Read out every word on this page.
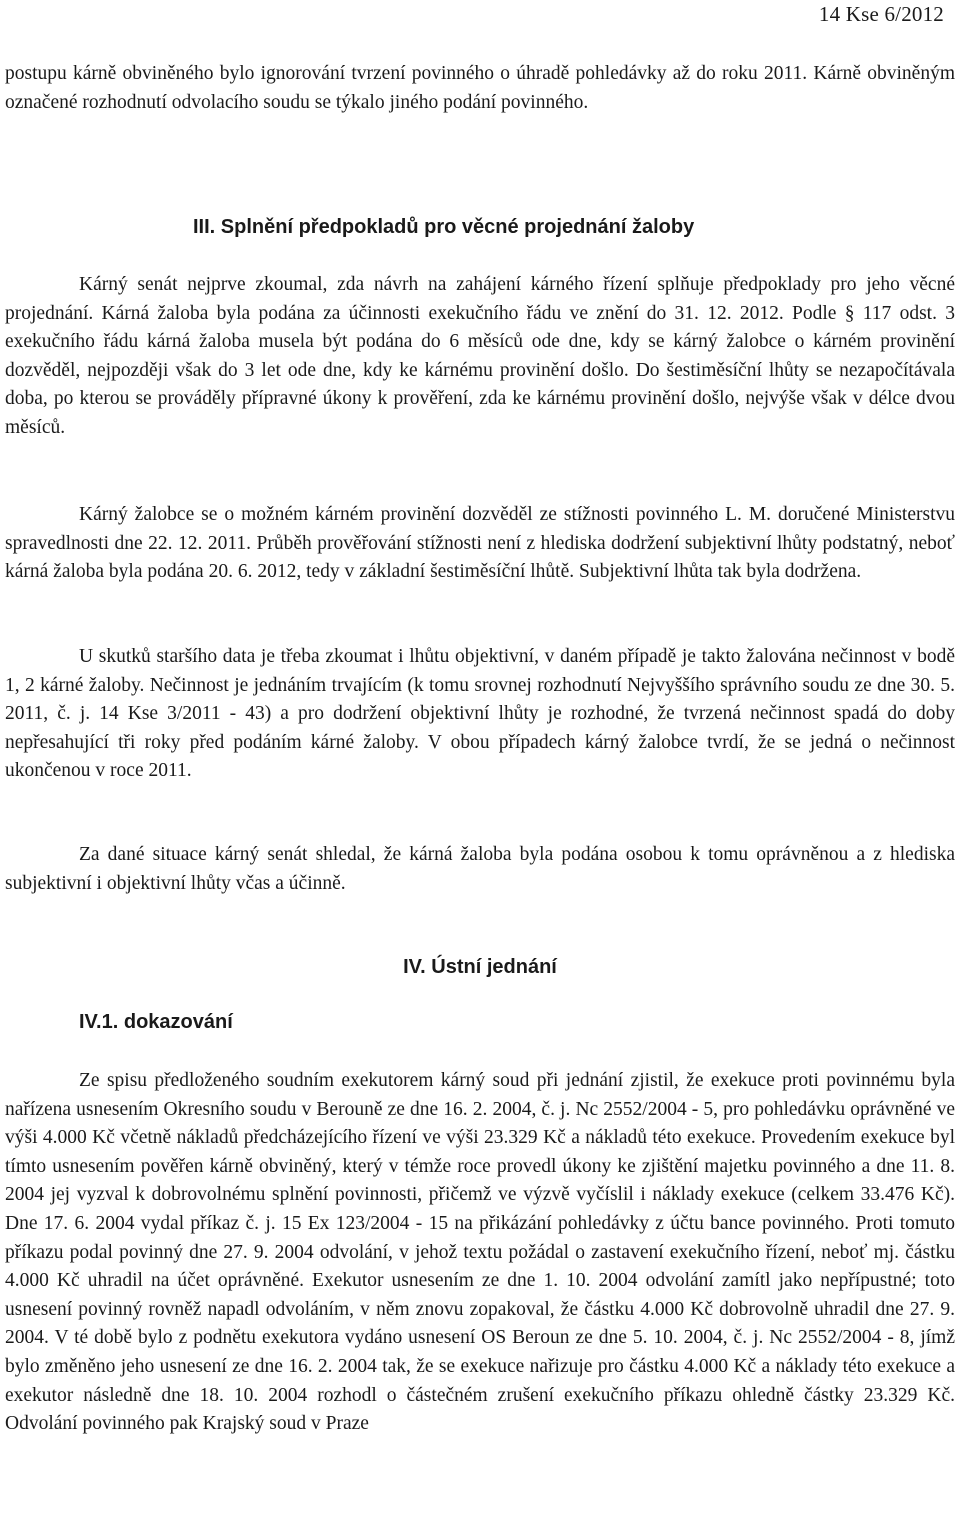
14 Kse 6/2012

postupu kárně obviněného bylo ignorování tvrzení povinného o úhradě pohledávky až do roku 2011. Kárně obviněným označené rozhodnutí odvolacího soudu se týkalo jiného podání povinného.

III. Splnění předpokladů pro věcné projednání žaloby

Kárný senát nejprve zkoumal, zda návrh na zahájení kárného řízení splňuje předpoklady pro jeho věcné projednání. Kárná žaloba byla podána za účinnosti exekučního řádu ve znění do 31. 12. 2012. Podle § 117 odst. 3 exekučního řádu kárná žaloba musela být podána do 6 měsíců ode dne, kdy se kárný žalobce o kárném provinění dozvěděl, nejpozději však do 3 let ode dne, kdy ke kárnému provinění došlo. Do šestiměsíční lhůty se nezapočítávala doba, po kterou se prováděly přípravné úkony k prověření, zda ke kárnému provinění došlo, nejvýše však v délce dvou měsíců.

Kárný žalobce se o možném kárném provinění dozvěděl ze stížnosti povinného L. M. doručené Ministerstvu spravedlnosti dne 22. 12. 2011. Průběh prověřování stížnosti není z hlediska dodržení subjektivní lhůty podstatný, neboť kárná žaloba byla podána 20. 6. 2012, tedy v základní šestiměsíční lhůtě. Subjektivní lhůta tak byla dodržena.

U skutků staršího data je třeba zkoumat i lhůtu objektivní, v daném případě je takto žalována nečinnost v bodě 1, 2 kárné žaloby. Nečinnost je jednáním trvajícím (k tomu srovnej rozhodnutí Nejvyššího správního soudu ze dne 30. 5. 2011, č. j. 14 Kse 3/2011 - 43) a pro dodržení objektivní lhůty je rozhodné, že tvrzená nečinnost spadá do doby nepřesahující tři roky před podáním kárné žaloby. V obou případech kárný žalobce tvrdí, že se jedná o nečinnost ukončenou v roce 2011.

Za dané situace kárný senát shledal, že kárná žaloba byla podána osobou k tomu oprávněnou a z hlediska subjektivní i objektivní lhůty včas a účinně.

IV. Ústní jednání

IV.1. dokazování

Ze spisu předloženého soudním exekutorem kárný soud při jednání zjistil, že exekuce proti povinnému byla nařízena usnesením Okresního soudu v Berouně ze dne 16. 2. 2004, č. j. Nc 2552/2004 - 5, pro pohledávku oprávněné ve výši 4.000 Kč včetně nákladů předcházejícího řízení ve výši 23.329 Kč a nákladů této exekuce. Provedením exekuce byl tímto usnesením pověřen kárně obviněný, který v témže roce provedl úkony ke zjištění majetku povinného a dne 11. 8. 2004 jej vyzval k dobrovolnému splnění povinnosti, přičemž ve výzvě vyčíslil i náklady exekuce (celkem 33.476 Kč). Dne 17. 6. 2004 vydal příkaz č. j. 15 Ex 123/2004 - 15 na přikázání pohledávky z účtu bance povinného. Proti tomuto příkazu podal povinný dne 27. 9. 2004 odvolání, v jehož textu požádal o zastavení exekučního řízení, neboť mj. částku 4.000 Kč uhradil na účet oprávněné. Exekutor usnesením ze dne 1. 10. 2004 odvolání zamítl jako nepřípustné; toto usnesení povinný rovněž napadl odvoláním, v něm znovu zopakoval, že částku 4.000 Kč dobrovolně uhradil dne 27. 9. 2004. V té době bylo z podnětu exekutora vydáno usnesení OS Beroun ze dne 5. 10. 2004, č. j. Nc 2552/2004 - 8, jímž bylo změněno jeho usnesení ze dne 16. 2. 2004 tak, že se exekuce nařizuje pro částku 4.000 Kč a náklady této exekuce a exekutor následně dne 18. 10. 2004 rozhodl o částečném zrušení exekučního příkazu ohledně částky 23.329 Kč. Odvolání povinného pak Krajský soud v Praze
